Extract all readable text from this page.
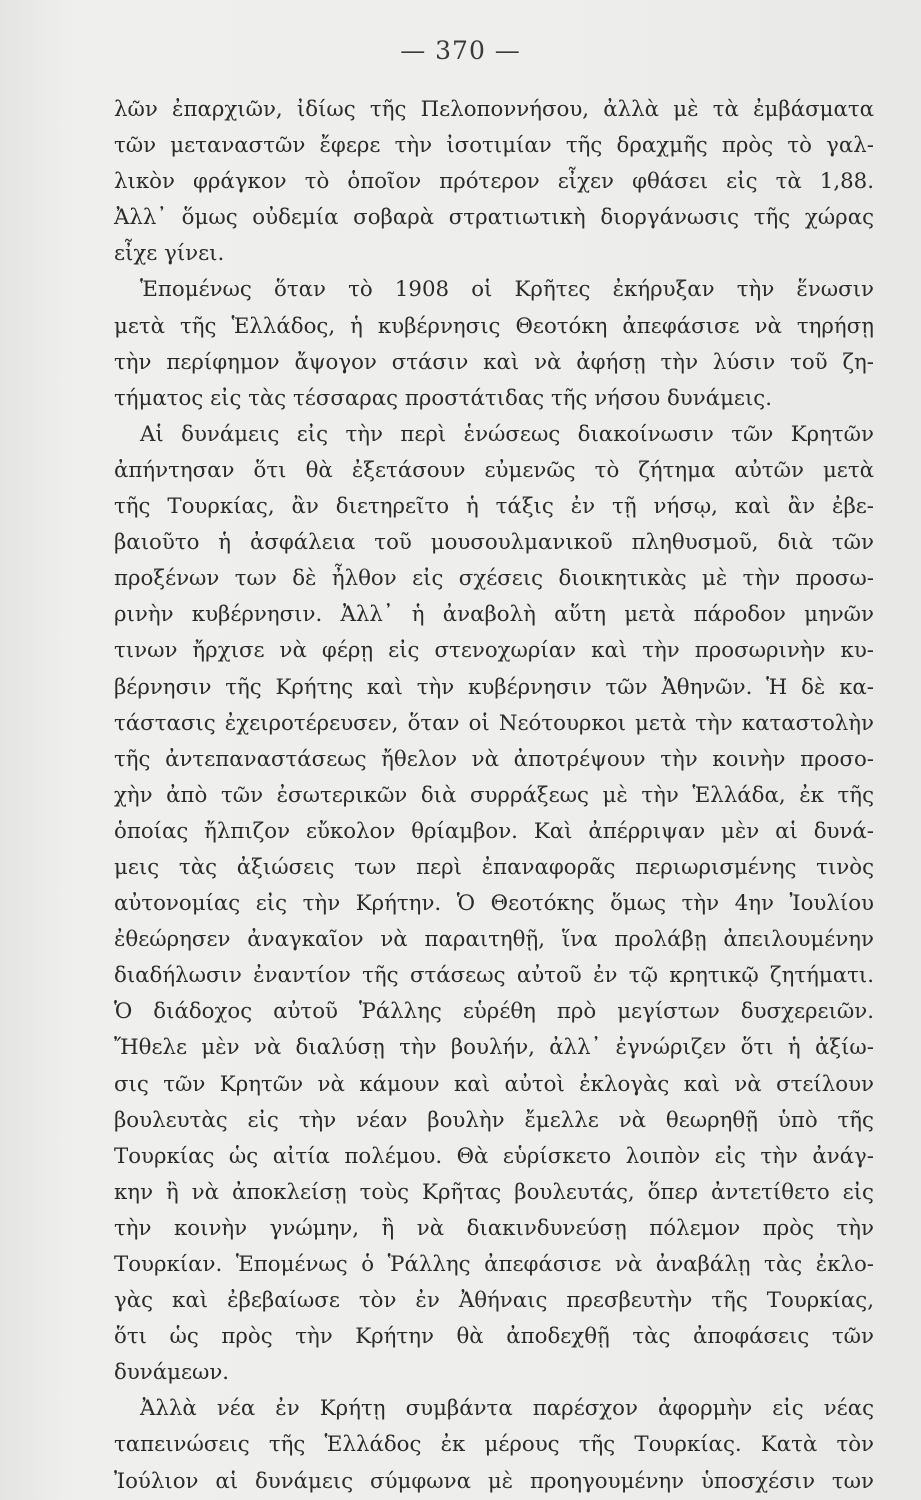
— 370 —
λῶν ἐπαρχιῶν, ἰδίως τῆς Πελοποννήσου, ἀλλὰ μὲ τὰ ἐμβάσματα
τῶν μεταναστῶν ἔφερε τὴν ἰσοτιμίαν τῆς δραχμῆς πρὸς τὸ γαλ-
λικὸν φράγκον τὸ ὁποῖον πρότερον εἶχεν φθάσει εἰς τὰ 1,88.
Ἀλλ᾽ ὅμως οὐδεμία σοβαρὰ στρατιωτικὴ διοργάνωσις τῆς χώρας
εἶχε γίνει.
Ἑπομένως ὅταν τὸ 1908 οἱ Κρῆτες ἐκήρυξαν τὴν ἕνωσιν
μετὰ τῆς Ἑλλάδος, ἡ κυβέρνησις Θεοτόκη ἀπεφάσισε νὰ τηρήσῃ
τὴν περίφημον ἄψογον στάσιν καὶ νὰ ἀφήσῃ τὴν λύσιν τοῦ ζη-
τήματος εἰς τὰς τέσσαρας προστάτιδας τῆς νήσου δυνάμεις.
Αἱ δυνάμεις εἰς τὴν περὶ ἑνώσεως διακοίνωσιν τῶν Κρητῶν
ἀπήντησαν ὅτι θὰ ἐξετάσουν εὐμενῶς τὸ ζήτημα αὐτῶν μετὰ
τῆς Τουρκίας, ἂν διετηρεῖτο ἡ τάξις ἐν τῇ νήσῳ, καὶ ἂν ἐβε-
βαιοῦτο ἡ ἀσφάλεια τοῦ μουσουλμανικοῦ πληθυσμοῦ, διὰ τῶν
προξένων των δὲ ἦλθον εἰς σχέσεις διοικητικὰς μὲ τὴν προσω-
ρινὴν κυβέρνησιν. Ἀλλ᾽ ἡ ἀναβολὴ αὕτη μετὰ πάροδον μηνῶν
τινων ἤρχισε νὰ φέρῃ εἰς στενοχωρίαν καὶ τὴν προσωρινὴν κυ-
βέρνησιν τῆς Κρήτης καὶ τὴν κυβέρνησιν τῶν Ἀθηνῶν. Ἡ δὲ κα-
τάστασις ἐχειροτέρευσεν, ὅταν οἱ Νεότουρκοι μετὰ τὴν καταστολὴν
τῆς ἀντεπαναστάσεως ἤθελον νὰ ἀποτρέψουν τὴν κοινὴν προσο-
χὴν ἀπὸ τῶν ἐσωτερικῶν διὰ συρράξεως μὲ τὴν Ἑλλάδα, ἐκ τῆς
ὁποίας ἤλπιζον εὔκολον θρίαμβον. Καὶ ἀπέρριψαν μὲν αἱ δυνά-
μεις τὰς ἀξιώσεις των περὶ ἐπαναφορᾶς περιωρισμένης τινὸς
αὐτονομίας εἰς τὴν Κρήτην. Ὁ Θεοτόκης ὅμως τὴν 4ην Ἰουλίου
ἐθεώρησεν ἀναγκαῖον νὰ παραιτηθῇ, ἵνα προλάβῃ ἀπειλουμένην
διαδήλωσιν ἐναντίον τῆς στάσεως αὐτοῦ ἐν τῷ κρητικῷ ζητήματι.
Ὁ διάδοχος αὐτοῦ Ῥάλλης εὑρέθη πρὸ μεγίστων δυσχερειῶν.
Ἤθελε μὲν νὰ διαλύσῃ τὴν βουλήν, ἀλλ᾽ ἐγνώριζεν ὅτι ἡ ἀξίω-
σις τῶν Κρητῶν νὰ κάμουν καὶ αὐτοὶ ἐκλογὰς καὶ νὰ στείλουν
βουλευτὰς εἰς τὴν νέαν βουλὴν ἔμελλε νὰ θεωρηθῇ ὑπὸ τῆς
Τουρκίας ὡς αἰτία πολέμου. Θὰ εὑρίσκετο λοιπὸν εἰς τὴν ἀνάγ-
κην ἢ νὰ ἀποκλείσῃ τοὺς Κρῆτας βουλευτάς, ὅπερ ἀντετίθετο εἰς
τὴν κοινὴν γνώμην, ἢ νὰ διακινδυνεύσῃ πόλεμον πρὸς τὴν
Τουρκίαν. Ἑπομένως ὁ Ῥάλλης ἀπεφάσισε νὰ ἀναβάλῃ τὰς ἐκλο-
γὰς καὶ ἐβεβαίωσε τὸν ἐν Ἀθήναις πρεσβευτὴν τῆς Τουρκίας,
ὅτι ὡς πρὸς τὴν Κρήτην θὰ ἀποδεχθῇ τὰς ἀποφάσεις τῶν
δυνάμεων.
Ἀλλὰ νέα ἐν Κρήτῃ συμβάντα παρέσχον ἀφορμὴν εἰς νέας
ταπεινώσεις τῆς Ἑλλάδος ἐκ μέρους τῆς Τουρκίας. Κατὰ τὸν
Ἰούλιον αἱ δυνάμεις σύμφωνα μὲ προηγουμένην ὑποσχέσιν των
